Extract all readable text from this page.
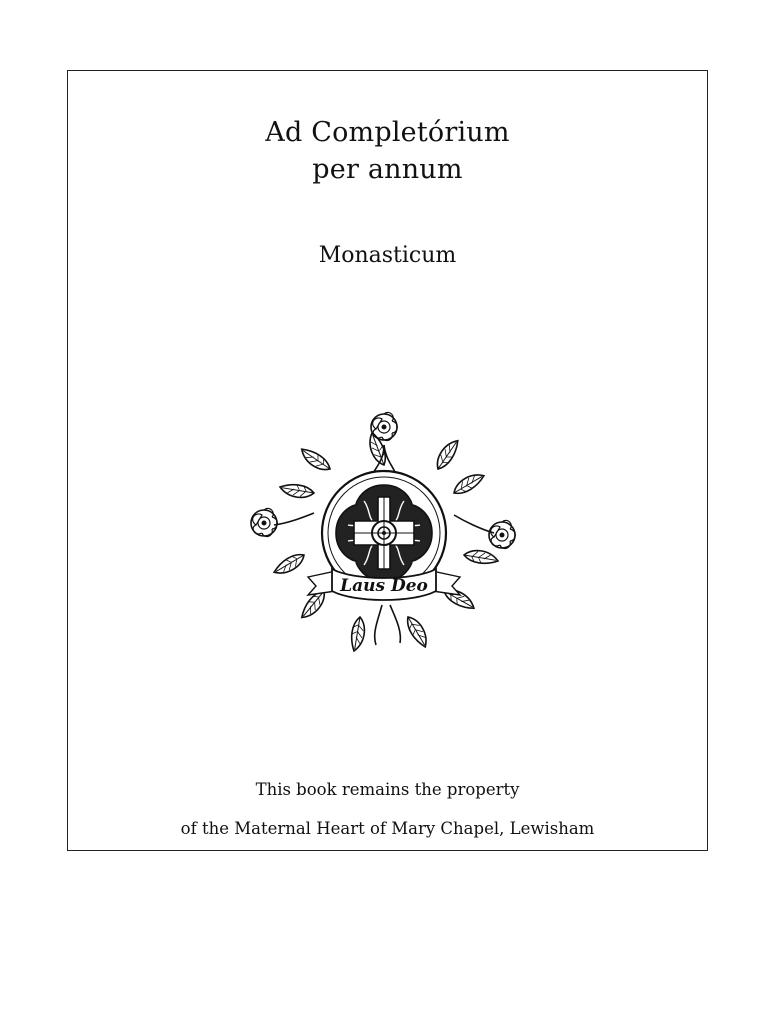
Ad Completórium
per annum
Monasticum
Laus Deo
This book remains the property
of the Maternal Heart of Mary Chapel, Lewisham
